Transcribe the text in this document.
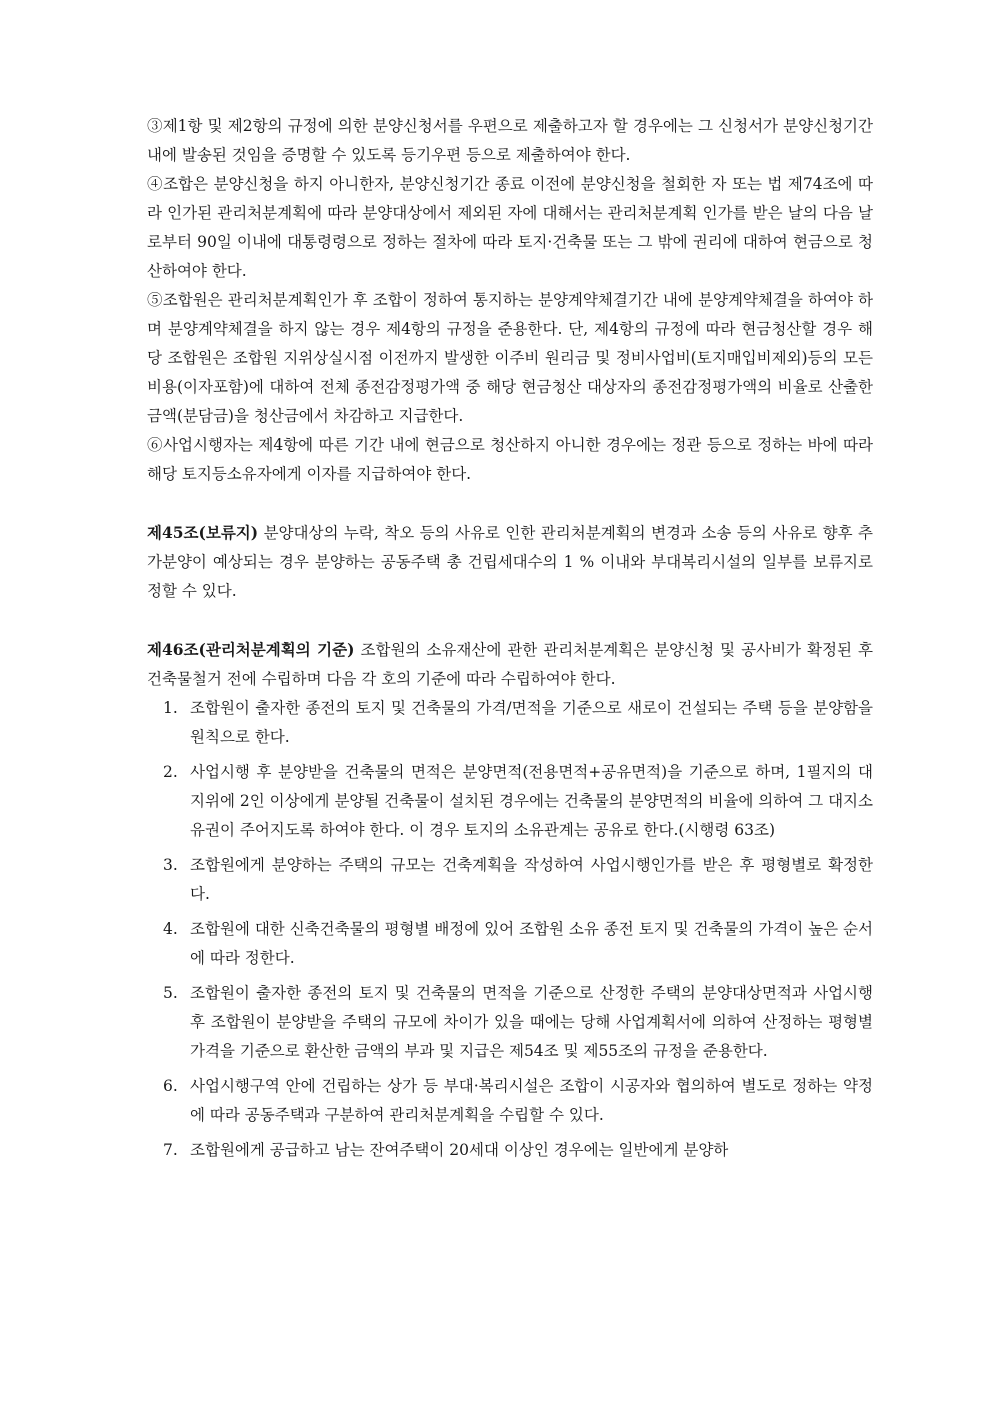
③제1항 및 제2항의 규정에 의한 분양신청서를 우편으로 제출하고자 할 경우에는 그 신청서가 분양신청기간 내에 발송된 것임을 증명할 수 있도록 등기우편 등으로 제출하여야 한다.

④조합은 분양신청을 하지 아니한자, 분양신청기간 종료 이전에 분양신청을 철회한 자 또는 법 제74조에 따라 인가된 관리처분계획에 따라 분양대상에서 제외된 자에 대해서는 관리처분계획 인가를 받은 날의 다음 날로부터 90일 이내에 대통령령으로 정하는 절차에 따라 토지·건축물 또는 그 밖에 권리에 대하여 현금으로 청산하여야 한다.

⑤조합원은 관리처분계획인가 후 조합이 정하여 통지하는 분양계약체결기간 내에 분양계약체결을 하여야 하며 분양계약체결을 하지 않는 경우 제4항의 규정을 준용한다. 단, 제4항의 규정에 따라 현금청산할 경우 해당 조합원은 조합원 지위상실시점 이전까지 발생한 이주비 원리금 및 정비사업비(토지매입비제외)등의 모든비용(이자포함)에 대하여 전체 종전감정평가액 중 해당 현금청산 대상자의 종전감정평가액의 비율로 산출한 금액(분담금)을 청산금에서 차감하고 지급한다.

⑥사업시행자는 제4항에 따른 기간 내에 현금으로 청산하지 아니한 경우에는 정관 등으로 정하는 바에 따라 해당 토지등소유자에게 이자를 지급하여야 한다.

제45조(보류지) 분양대상의 누락, 착오 등의 사유로 인한 관리처분계획의 변경과 소송 등의 사유로 향후 추가분양이 예상되는 경우 분양하는 공동주택 총 건립세대수의 1 % 이내와 부대복리시설의 일부를 보류지로 정할 수 있다.

제46조(관리처분계획의 기준) 조합원의 소유재산에 관한 관리처분계획은 분양신청 및 공사비가 확정된 후 건축물철거 전에 수립하며 다음 각 호의 기준에 따라 수립하여야 한다.

1. 조합원이 출자한 종전의 토지 및 건축물의 가격/면적을 기준으로 새로이 건설되는 주택 등을 분양함을 원칙으로 한다.
2. 사업시행 후 분양받을 건축물의 면적은 분양면적(전용면적+공유면적)을 기준으로 하며, 1필지의 대지위에 2인 이상에게 분양될 건축물이 설치된 경우에는 건축물의 분양면적의 비율에 의하여 그 대지소유권이 주어지도록 하여야 한다. 이 경우 토지의 소유관계는 공유로 한다.(시행령 63조)
3. 조합원에게 분양하는 주택의 규모는 건축계획을 작성하여 사업시행인가를 받은 후 평형별로 확정한다.
4. 조합원에 대한 신축건축물의 평형별 배정에 있어 조합원 소유 종전 토지 및 건축물의 가격이 높은 순서에 따라 정한다.
5. 조합원이 출자한 종전의 토지 및 건축물의 면적을 기준으로 산정한 주택의 분양대상면적과 사업시행 후 조합원이 분양받을 주택의 규모에 차이가 있을 때에는 당해 사업계획서에 의하여 산정하는 평형별 가격을 기준으로 환산한 금액의 부과 및 지급은 제54조 및 제55조의 규정을 준용한다.
6. 사업시행구역 안에 건립하는 상가 등 부대·복리시설은 조합이 시공자와 협의하여 별도로 정하는 약정에 따라 공동주택과 구분하여 관리처분계획을 수립할 수 있다.
7. 조합원에게 공급하고 남는 잔여주택이 20세대 이상인 경우에는 일반에게 분양하
